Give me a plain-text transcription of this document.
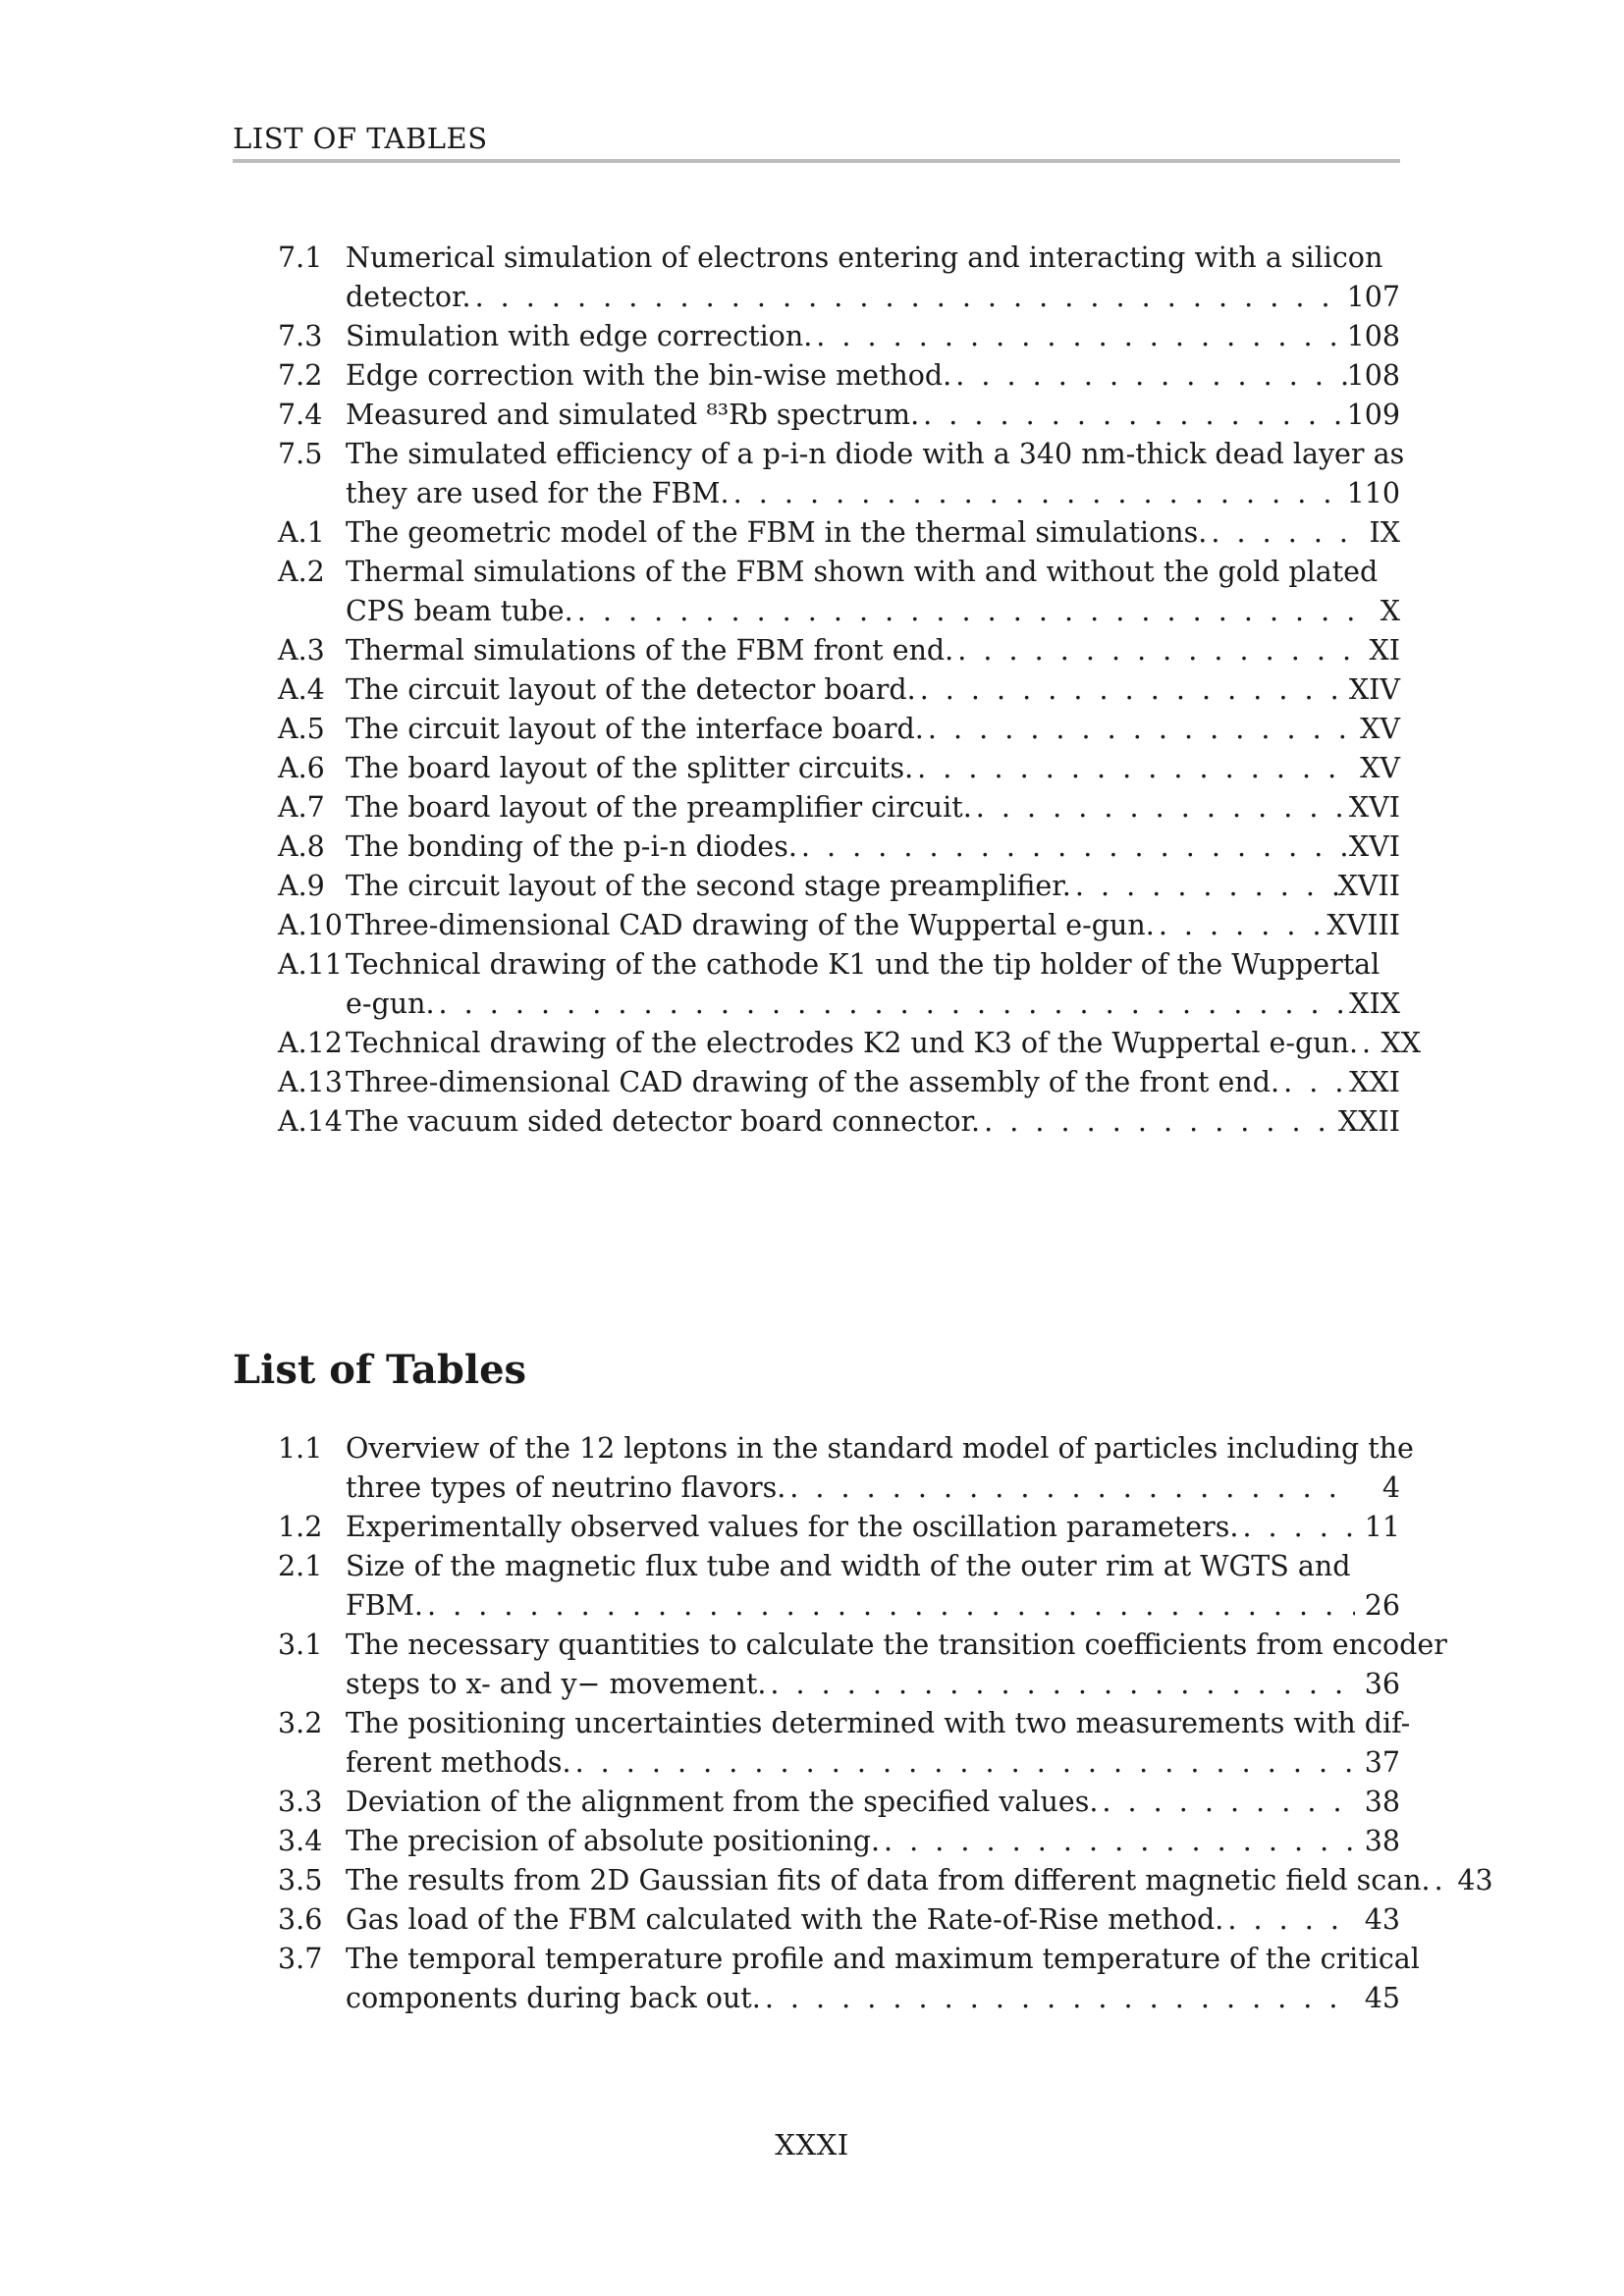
LIST OF TABLES
7.1 Numerical simulation of electrons entering and interacting with a silicon
detector. . . .	107
7.3 Simulation with edge correction. . . .	108
7.2 Edge correction with the bin-wise method. . . .	108
7.4 Measured and simulated ⁸³Rb spectrum. . . .	109
7.5 The simulated efficiency of a p-i-n diode with a 340 nm-thick dead layer as
they are used for the FBM. . . .	110
A.1 The geometric model of the FBM in the thermal simulations. . . .	IX
A.2 Thermal simulations of the FBM shown with and without the gold plated
CPS beam tube. . . .	X
A.3 Thermal simulations of the FBM front end. . . .	XI
A.4 The circuit layout of the detector board. . . .	XIV
A.5 The circuit layout of the interface board. . . .	XV
A.6 The board layout of the splitter circuits. . . .	XV
A.7 The board layout of the preamplifier circuit. . . .	XVI
A.8 The bonding of the p-i-n diodes. . . .	XVI
A.9 The circuit layout of the second stage preamplifier. . . .	XVII
A.10 Three-dimensional CAD drawing of the Wuppertal e-gun. . . .	XVIII
A.11 Technical drawing of the cathode K1 und the tip holder of the Wuppertal
e-gun. . . .	XIX
A.12 Technical drawing of the electrodes K2 und K3 of the Wuppertal e-gun. . . . XX
A.13 Three-dimensional CAD drawing of the assembly of the front end. . . . XXI
A.14 The vacuum sided detector board connector. . . .	XXII
List of Tables
1.1 Overview of the 12 leptons in the standard model of particles including the
three types of neutrino flavors. . . .	4
1.2 Experimentally observed values for the oscillation parameters. . . .	11
2.1 Size of the magnetic flux tube and width of the outer rim at WGTS and
FBM. . . .	26
3.1 The necessary quantities to calculate the transition coefficients from encoder
steps to x- and y− movement. . . .	36
3.2 The positioning uncertainties determined with two measurements with dif-
ferent methods. . . .	37
3.3 Deviation of the alignment from the specified values. . . .	38
3.4 The precision of absolute positioning. . . .	38
3.5 The results from 2D Gaussian fits of data from different magnetic field scan. . . . 43
3.6 Gas load of the FBM calculated with the Rate-of-Rise method. . . .	43
3.7 The temporal temperature profile and maximum temperature of the critical
components during back out. . . .	45
XXXI
